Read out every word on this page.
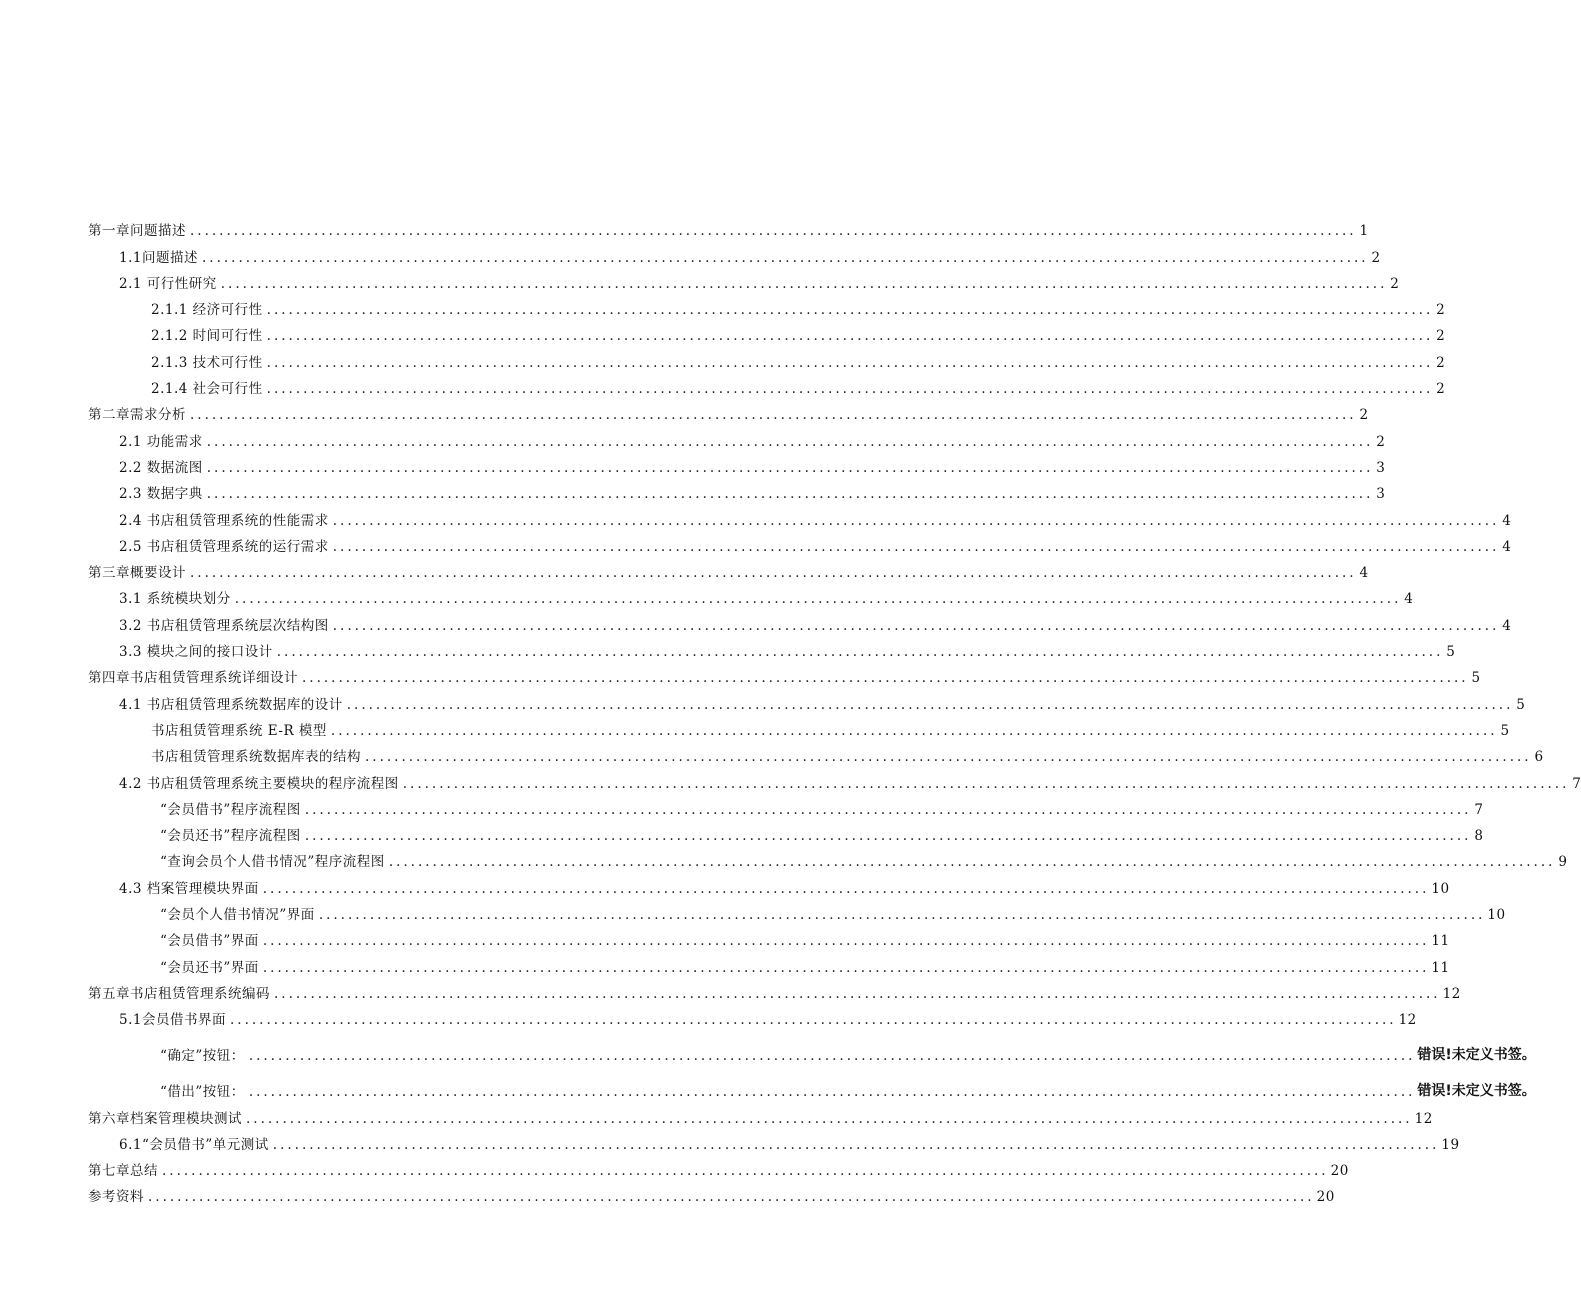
第一章问题描述 ................................................................................................................................................................ 1
1.1问题描述 ................................................................................................................................................................ 2
2.1 可行性研究 ................................................................................................................................................................ 2
2.1.1 经济可行性 ................................................................................................................................................................ 2
2.1.2 时间可行性 ................................................................................................................................................................ 2
2.1.3 技术可行性 ................................................................................................................................................................ 2
2.1.4 社会可行性 ................................................................................................................................................................ 2
第二章需求分析 ................................................................................................................................................................ 2
2.1 功能需求 ................................................................................................................................................................ 2
2.2 数据流图 ................................................................................................................................................................ 3
2.3 数据字典 ................................................................................................................................................................ 3
2.4 书店租赁管理系统的性能需求 ................................................................................................................................................................ 4
2.5 书店租赁管理系统的运行需求 ................................................................................................................................................................ 4
第三章概要设计 ................................................................................................................................................................ 4
3.1 系统模块划分 ................................................................................................................................................................ 4
3.2 书店租赁管理系统层次结构图 ................................................................................................................................................................ 4
3.3 模块之间的接口设计 ................................................................................................................................................................ 5
第四章书店租赁管理系统详细设计 ................................................................................................................................................................ 5
4.1 书店租赁管理系统数据库的设计 ................................................................................................................................................................ 5
书店租赁管理系统 E-R 模型 ................................................................................................................................................................ 5
书店租赁管理系统数据库表的结构 ................................................................................................................................................................ 6
4.2 书店租赁管理系统主要模块的程序流程图 ................................................................................................................................................................ 7
“会员借书”程序流程图 ................................................................................................................................................................ 7
“会员还书”程序流程图 ................................................................................................................................................................ 8
“查询会员个人借书情况”程序流程图 ................................................................................................................................................................ 9
4.3 档案管理模块界面 ................................................................................................................................................................ 10
“会员个人借书情况”界面 ................................................................................................................................................................ 10
“会员借书”界面 ................................................................................................................................................................ 11
“会员还书”界面 ................................................................................................................................................................ 11
第五章书店租赁管理系统编码 ................................................................................................................................................................ 12
5.1会员借书界面 ................................................................................................................................................................ 12
“确定”按钮： ................................................................................................................................................................ 错误!未定义书签。
“借出”按钮： ................................................................................................................................................................ 错误!未定义书签。
第六章档案管理模块测试 ................................................................................................................................................................ 12
6.1“会员借书”单元测试 ................................................................................................................................................................ 19
第七章总结 ................................................................................................................................................................ 20
参考资料 ................................................................................................................................................................ 20
